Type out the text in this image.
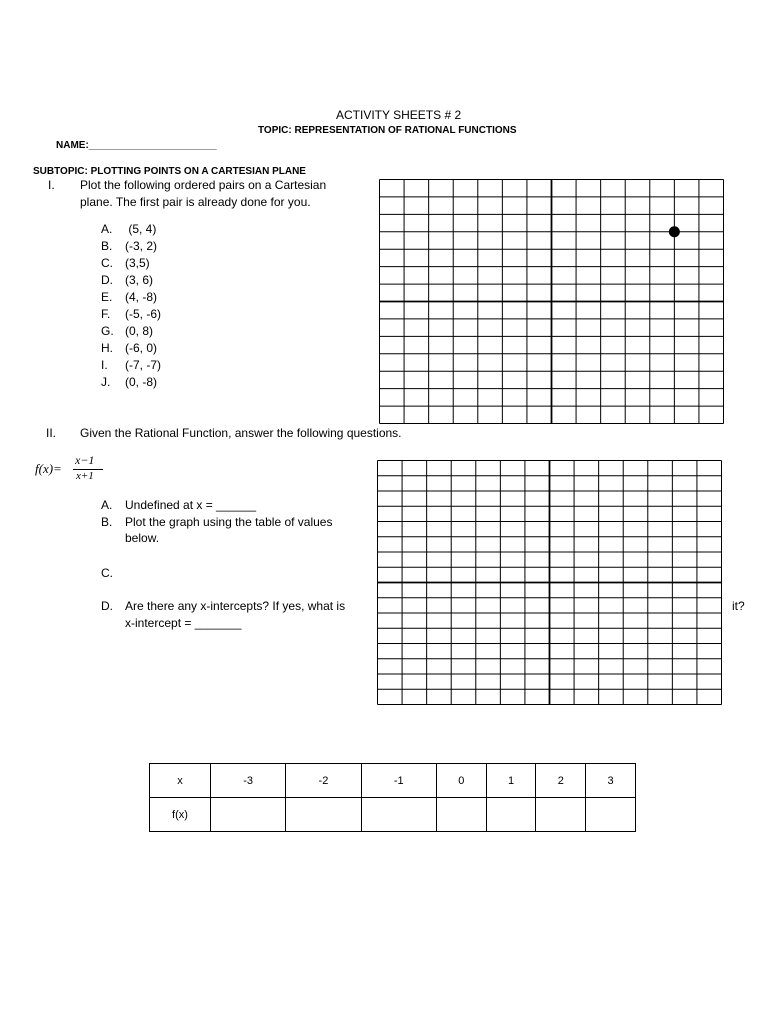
ACTIVITY SHEETS # 2
TOPIC: REPRESENTATION OF RATIONAL FUNCTIONS
NAME:_______________________
SUBTOPIC: PLOTTING POINTS ON A CARTESIAN PLANE
I. Plot the following ordered pairs on a Cartesian
plane. The first pair is already done for you.
A. (5, 4)
B. (-3, 2)
C. (3,5)
D. (3, 6)
E. (4, -8)
F. (-5, -6)
G. (0, 8)
H. (-6, 0)
I. (-7, -7)
J. (0, -8)
II. Given the Rational Function, answer the following questions.
f(x)=
x−1
x+1
A. Undefined at x = ______
B. Plot the graph using the table of values
below.
C.
D. Are there any x-intercepts? If yes, what is	it?
x-intercept = _______
x	-3	-2	-1	0	1	2	3
f(x)							
